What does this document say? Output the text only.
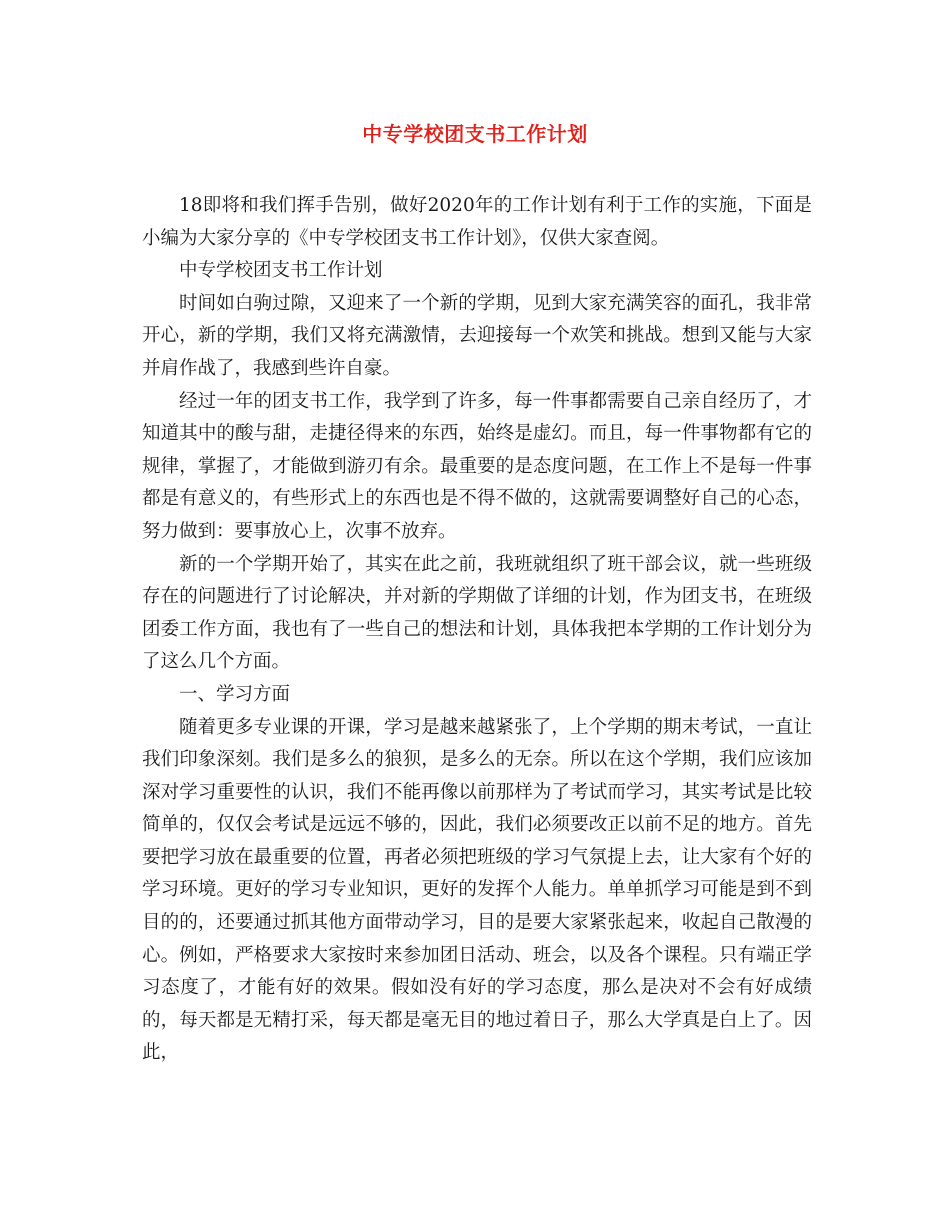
中专学校团支书工作计划

18即将和我们挥手告别，做好2020年的工作计划有利于工作的实施，下面是小编为大家分享的《中专学校团支书工作计划》，仅供大家查阅。

中专学校团支书工作计划

时间如白驹过隙，又迎来了一个新的学期，见到大家充满笑容的面孔，我非常开心，新的学期，我们又将充满激情，去迎接每一个欢笑和挑战。想到又能与大家并肩作战了，我感到些许自豪。

经过一年的团支书工作，我学到了许多，每一件事都需要自己亲自经历了，才知道其中的酸与甜，走捷径得来的东西，始终是虚幻。而且，每一件事物都有它的规律，掌握了，才能做到游刃有余。最重要的是态度问题，在工作上不是每一件事都是有意义的，有些形式上的东西也是不得不做的，这就需要调整好自己的心态，努力做到：要事放心上，次事不放弃。

新的一个学期开始了，其实在此之前，我班就组织了班干部会议，就一些班级存在的问题进行了讨论解决，并对新的学期做了详细的计划，作为团支书，在班级团委工作方面，我也有了一些自己的想法和计划，具体我把本学期的工作计划分为了这么几个方面。

一、学习方面

随着更多专业课的开课，学习是越来越紧张了，上个学期的期末考试，一直让我们印象深刻。我们是多么的狼狈，是多么的无奈。所以在这个学期，我们应该加深对学习重要性的认识，我们不能再像以前那样为了考试而学习，其实考试是比较简单的，仅仅会考试是远远不够的，因此，我们必须要改正以前不足的地方。首先要把学习放在最重要的位置，再者必须把班级的学习气氛提上去，让大家有个好的学习环境。更好的学习专业知识，更好的发挥个人能力。单单抓学习可能是到不到目的的，还要通过抓其他方面带动学习，目的是要大家紧张起来，收起自己散漫的心。例如，严格要求大家按时来参加团日活动、班会，以及各个课程。只有端正学习态度了，才能有好的效果。假如没有好的学习态度，那么是决对不会有好成绩的，每天都是无精打采，每天都是毫无目的地过着日子，那么大学真是白上了。因此，
